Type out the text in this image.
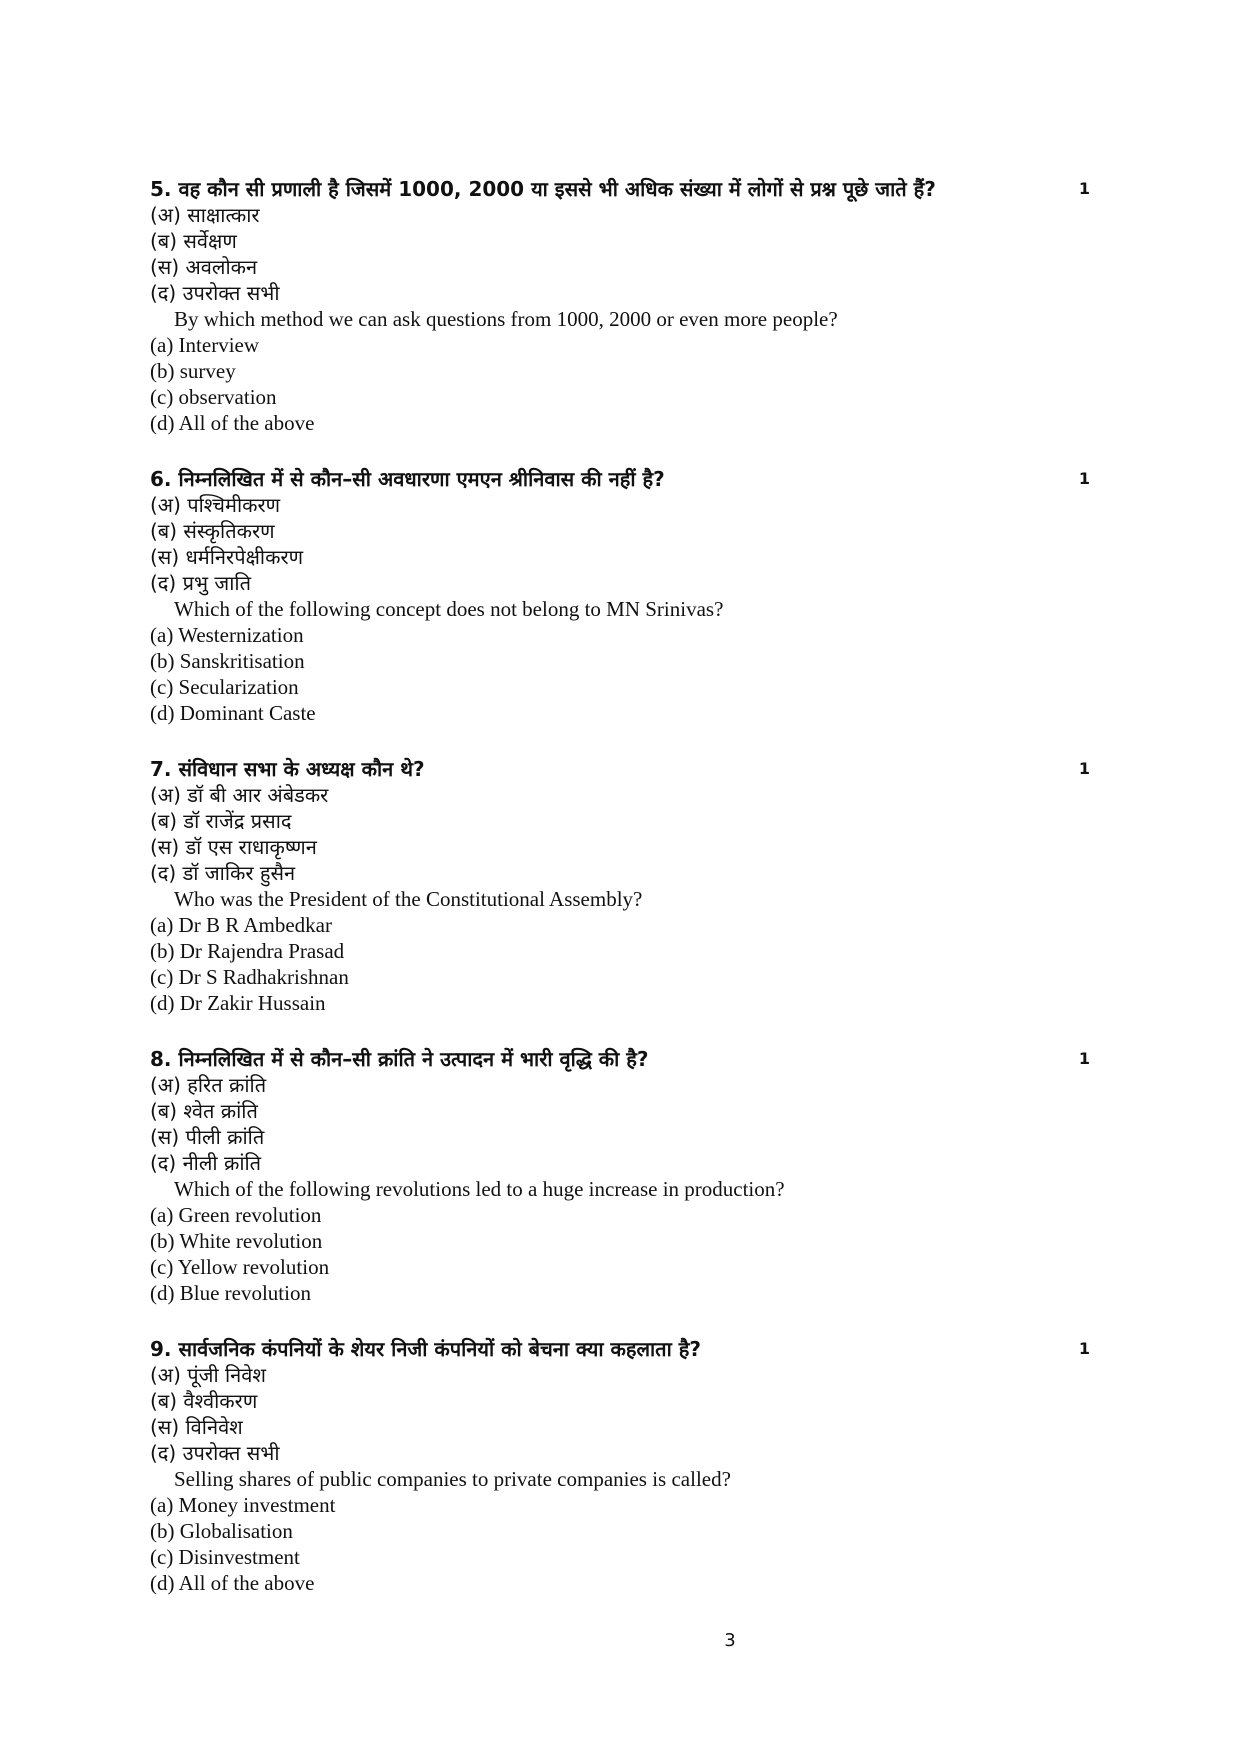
5. वह कौन सी प्रणाली है जिसमें 1000, 2000 या इससे भी अधिक संख्या में लोगों से प्रश्न पूछे जाते हैं?	1
(अ) साक्षात्कार
(ब) सर्वेक्षण
(स) अवलोकन
(द) उपरोक्त सभी
By which method we can ask questions from 1000, 2000 or even more people?
(a) Interview
(b) survey
(c) observation
(d) All of the above
6. निम्नलिखित में से कौन–सी अवधारणा एमएन श्रीनिवास की नहीं है?	1
(अ) पश्चिमीकरण
(ब) संस्कृतिकरण
(स) धर्मनिरपेक्षीकरण
(द) प्रभु जाति
Which of the following concept does not belong to MN Srinivas?
(a) Westernization
(b) Sanskritisation
(c) Secularization
(d) Dominant Caste
7. संविधान सभा के अध्यक्ष कौन थे?	1
(अ) डॉ बी आर अंबेडकर
(ब) डॉ राजेंद्र प्रसाद
(स) डॉ एस राधाकृष्णन
(द) डॉ जाकिर हुसैन
Who was the President of the Constitutional Assembly?
(a) Dr B R Ambedkar
(b) Dr Rajendra Prasad
(c) Dr S Radhakrishnan
(d) Dr Zakir Hussain
8. निम्नलिखित में से कौन–सी क्रांति ने उत्पादन में भारी वृद्धि की है?	1
(अ) हरित क्रांति
(ब) श्वेत क्रांति
(स) पीली क्रांति
(द) नीली क्रांति
Which of the following revolutions led to a huge increase in production?
(a) Green revolution
(b) White revolution
(c) Yellow revolution
(d) Blue revolution
9. सार्वजनिक कंपनियों के शेयर निजी कंपनियों को बेचना क्या कहलाता है?	1
(अ) पूंजी निवेश
(ब) वैश्वीकरण
(स) विनिवेश
(द) उपरोक्त सभी
Selling shares of public companies to private companies is called?
(a) Money investment
(b) Globalisation
(c) Disinvestment
(d) All of the above
3
